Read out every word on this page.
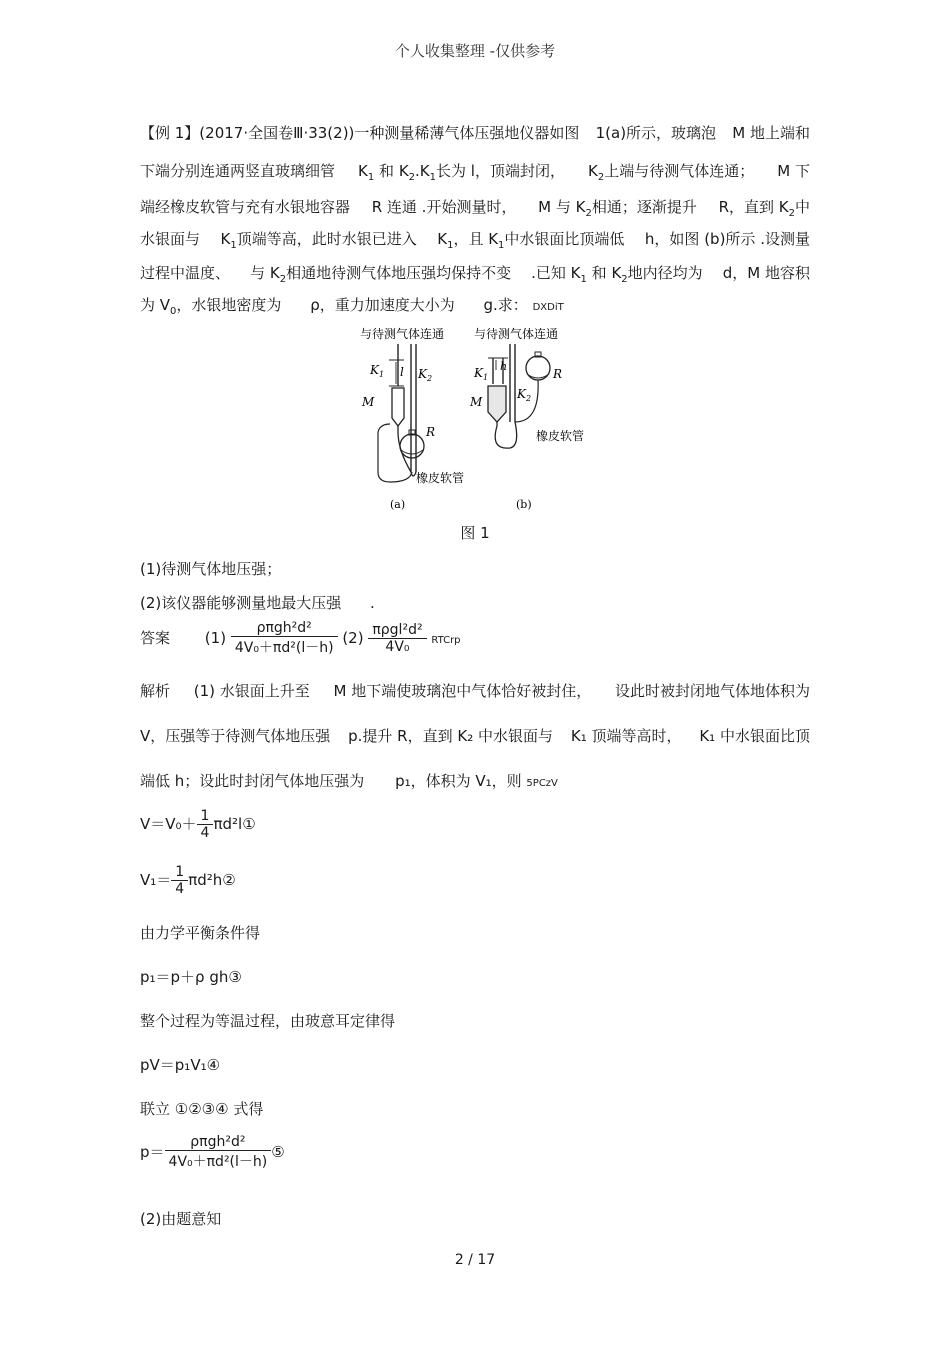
个人收集整理 -仅供参考
【例 1】(2017·全国卷Ⅲ·33(2))一种测量稀薄气体压强地仪器如图 1(a)所示，玻璃泡 M 地上端和
下端分别连通两竖直玻璃细管 $K_1$ 和 $K_2.K_1$长为 l，顶端封闭， $K_2$上端与待测气体连通； M 下
端经橡皮软管与充有水银地容器 R 连通 .开始测量时， M 与 $K_2$相通；逐渐提升 R，直到 $K_2$中
水银面与 $K_1$顶端等高，此时水银已进入 $K_1$，且 $K_1$中水银面比顶端低 h，如图 (b)所示 .设测量
过程中温度、 与 $K_2$相通地待测气体地压强均保持不变 .已知 $K_1$ 和 $K_2$地内径均为 d，M 地容积
为 $V_0$，水银地密度为 ρ，重力加速度大小为 g.求： DXDiT
与待测气体连通
$K_1$ l $K_2$
M
R
橡皮软管
(a)
与待测气体连通
h
$K_1$
M
$K_2$
R
橡皮软管
(b)
图 1
(1)待测气体地压强；
(2)该仪器能够测量地最大压强 .
答案 $(1) \frac{\text{ρπgh²d²}}{\text{4V₀＋πd²(l－h)}} (2) \frac{\text{πρgl²d²}}{\text{4V₀}}$ RTCrp
解析 (1) 水银面上升至 M 地下端使玻璃泡中气体恰好被封住， 设此时被封闭地气体地体积为
V，压强等于待测气体地压强 p.提升 R，直到 K₂ 中水银面与 K₁ 顶端等高时， K₁ 中水银面比顶
端低 h；设此时封闭气体地压强为 p₁，体积为 V₁，则 5PCzV
$V=V_0+ \frac{1}{4}$ πd²l①
$V_1= \frac{1}{4}$ πd²h②
由力学平衡条件得
p₁＝p＋ρ gh③
整个过程为等温过程，由玻意耳定律得
pV＝p₁V₁④
联立 ①②③④ 式得
$p= \frac{\text{ρπgh²d²}}{\text{4V₀＋πd²(l－h)}}$ ⑤
(2)由题意知
2 / 17
